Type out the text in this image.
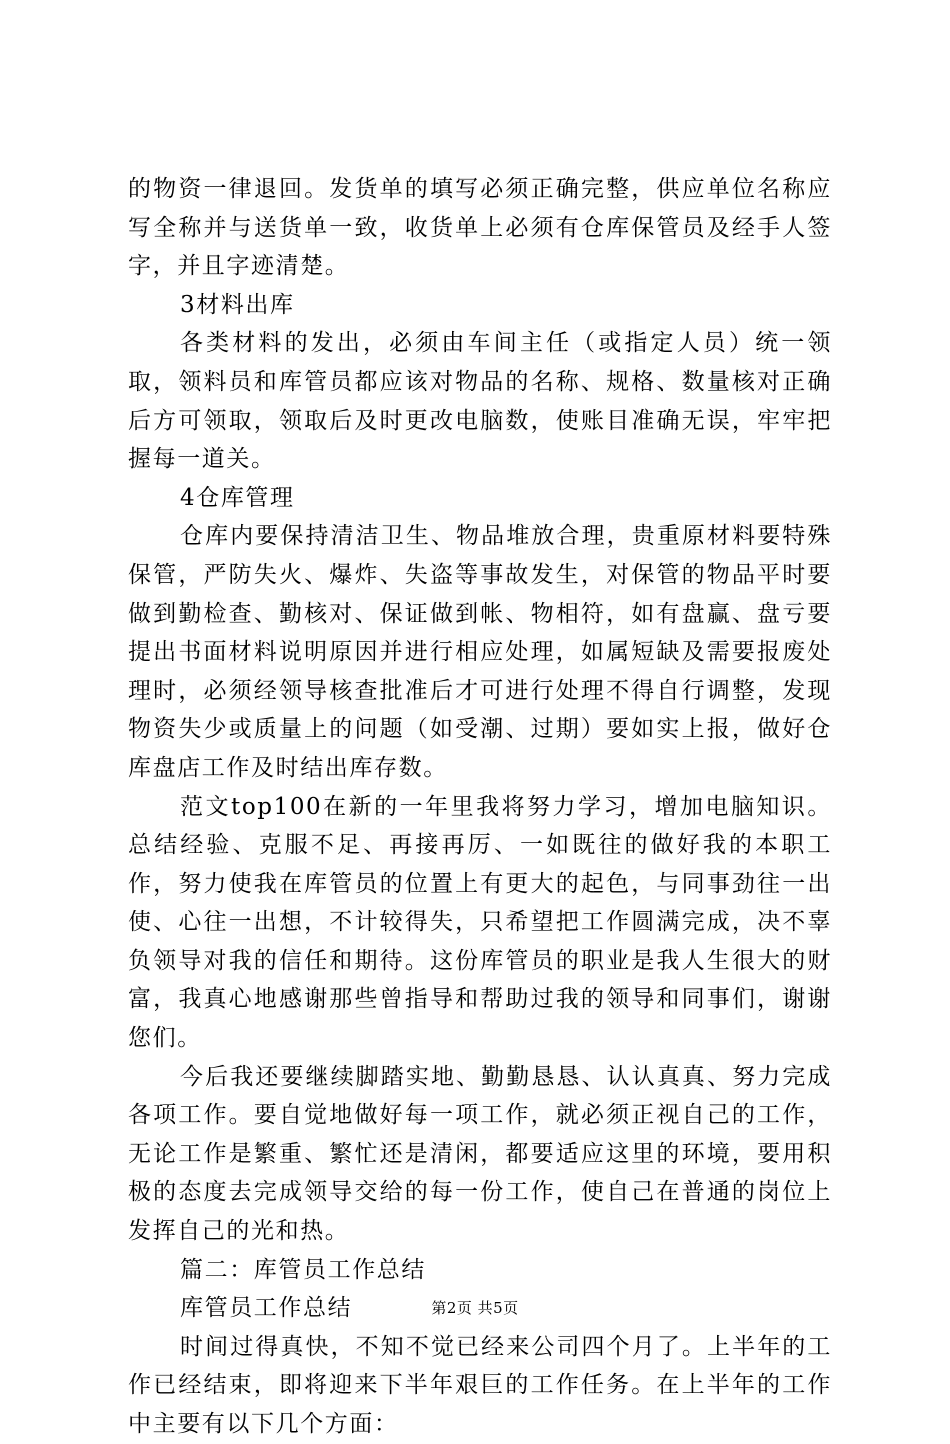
的物资一律退回。发货单的填写必须正确完整，供应单位名称应写全称并与送货单一致，收货单上必须有仓库保管员及经手人签字，并且字迹清楚。

3材料出库

各类材料的发出，必须由车间主任（或指定人员）统一领取，领料员和库管员都应该对物品的名称、规格、数量核对正确后方可领取，领取后及时更改电脑数，使账目准确无误，牢牢把握每一道关。

4仓库管理

仓库内要保持清洁卫生、物品堆放合理，贵重原材料要特殊保管，严防失火、爆炸、失盗等事故发生，对保管的物品平时要做到勤检查、勤核对、保证做到帐、物相符，如有盘赢、盘亏要提出书面材料说明原因并进行相应处理，如属短缺及需要报废处理时，必须经领导核查批准后才可进行处理不得自行调整，发现物资失少或质量上的问题（如受潮、过期）要如实上报，做好仓库盘店工作及时结出库存数。

范文top100在新的一年里我将努力学习，增加电脑知识。总结经验、克服不足、再接再厉、一如既往的做好我的本职工作，努力使我在库管员的位置上有更大的起色，与同事劲往一出使、心往一出想，不计较得失，只希望把工作圆满完成，决不辜负领导对我的信任和期待。这份库管员的职业是我人生很大的财富，我真心地感谢那些曾指导和帮助过我的领导和同事们，谢谢您们。

今后我还要继续脚踏实地、勤勤恳恳、认认真真、努力完成各项工作。要自觉地做好每一项工作，就必须正视自己的工作，无论工作是繁重、繁忙还是清闲，都要适应这里的环境，要用积极的态度去完成领导交给的每一份工作，使自己在普通的岗位上发挥自己的光和热。

篇二：库管员工作总结

库管员工作总结

时间过得真快，不知不觉已经来公司四个月了。上半年的工作已经结束，即将迎来下半年艰巨的工作任务。在上半年的工作中主要有以下几个方面：

第2页 共5页
